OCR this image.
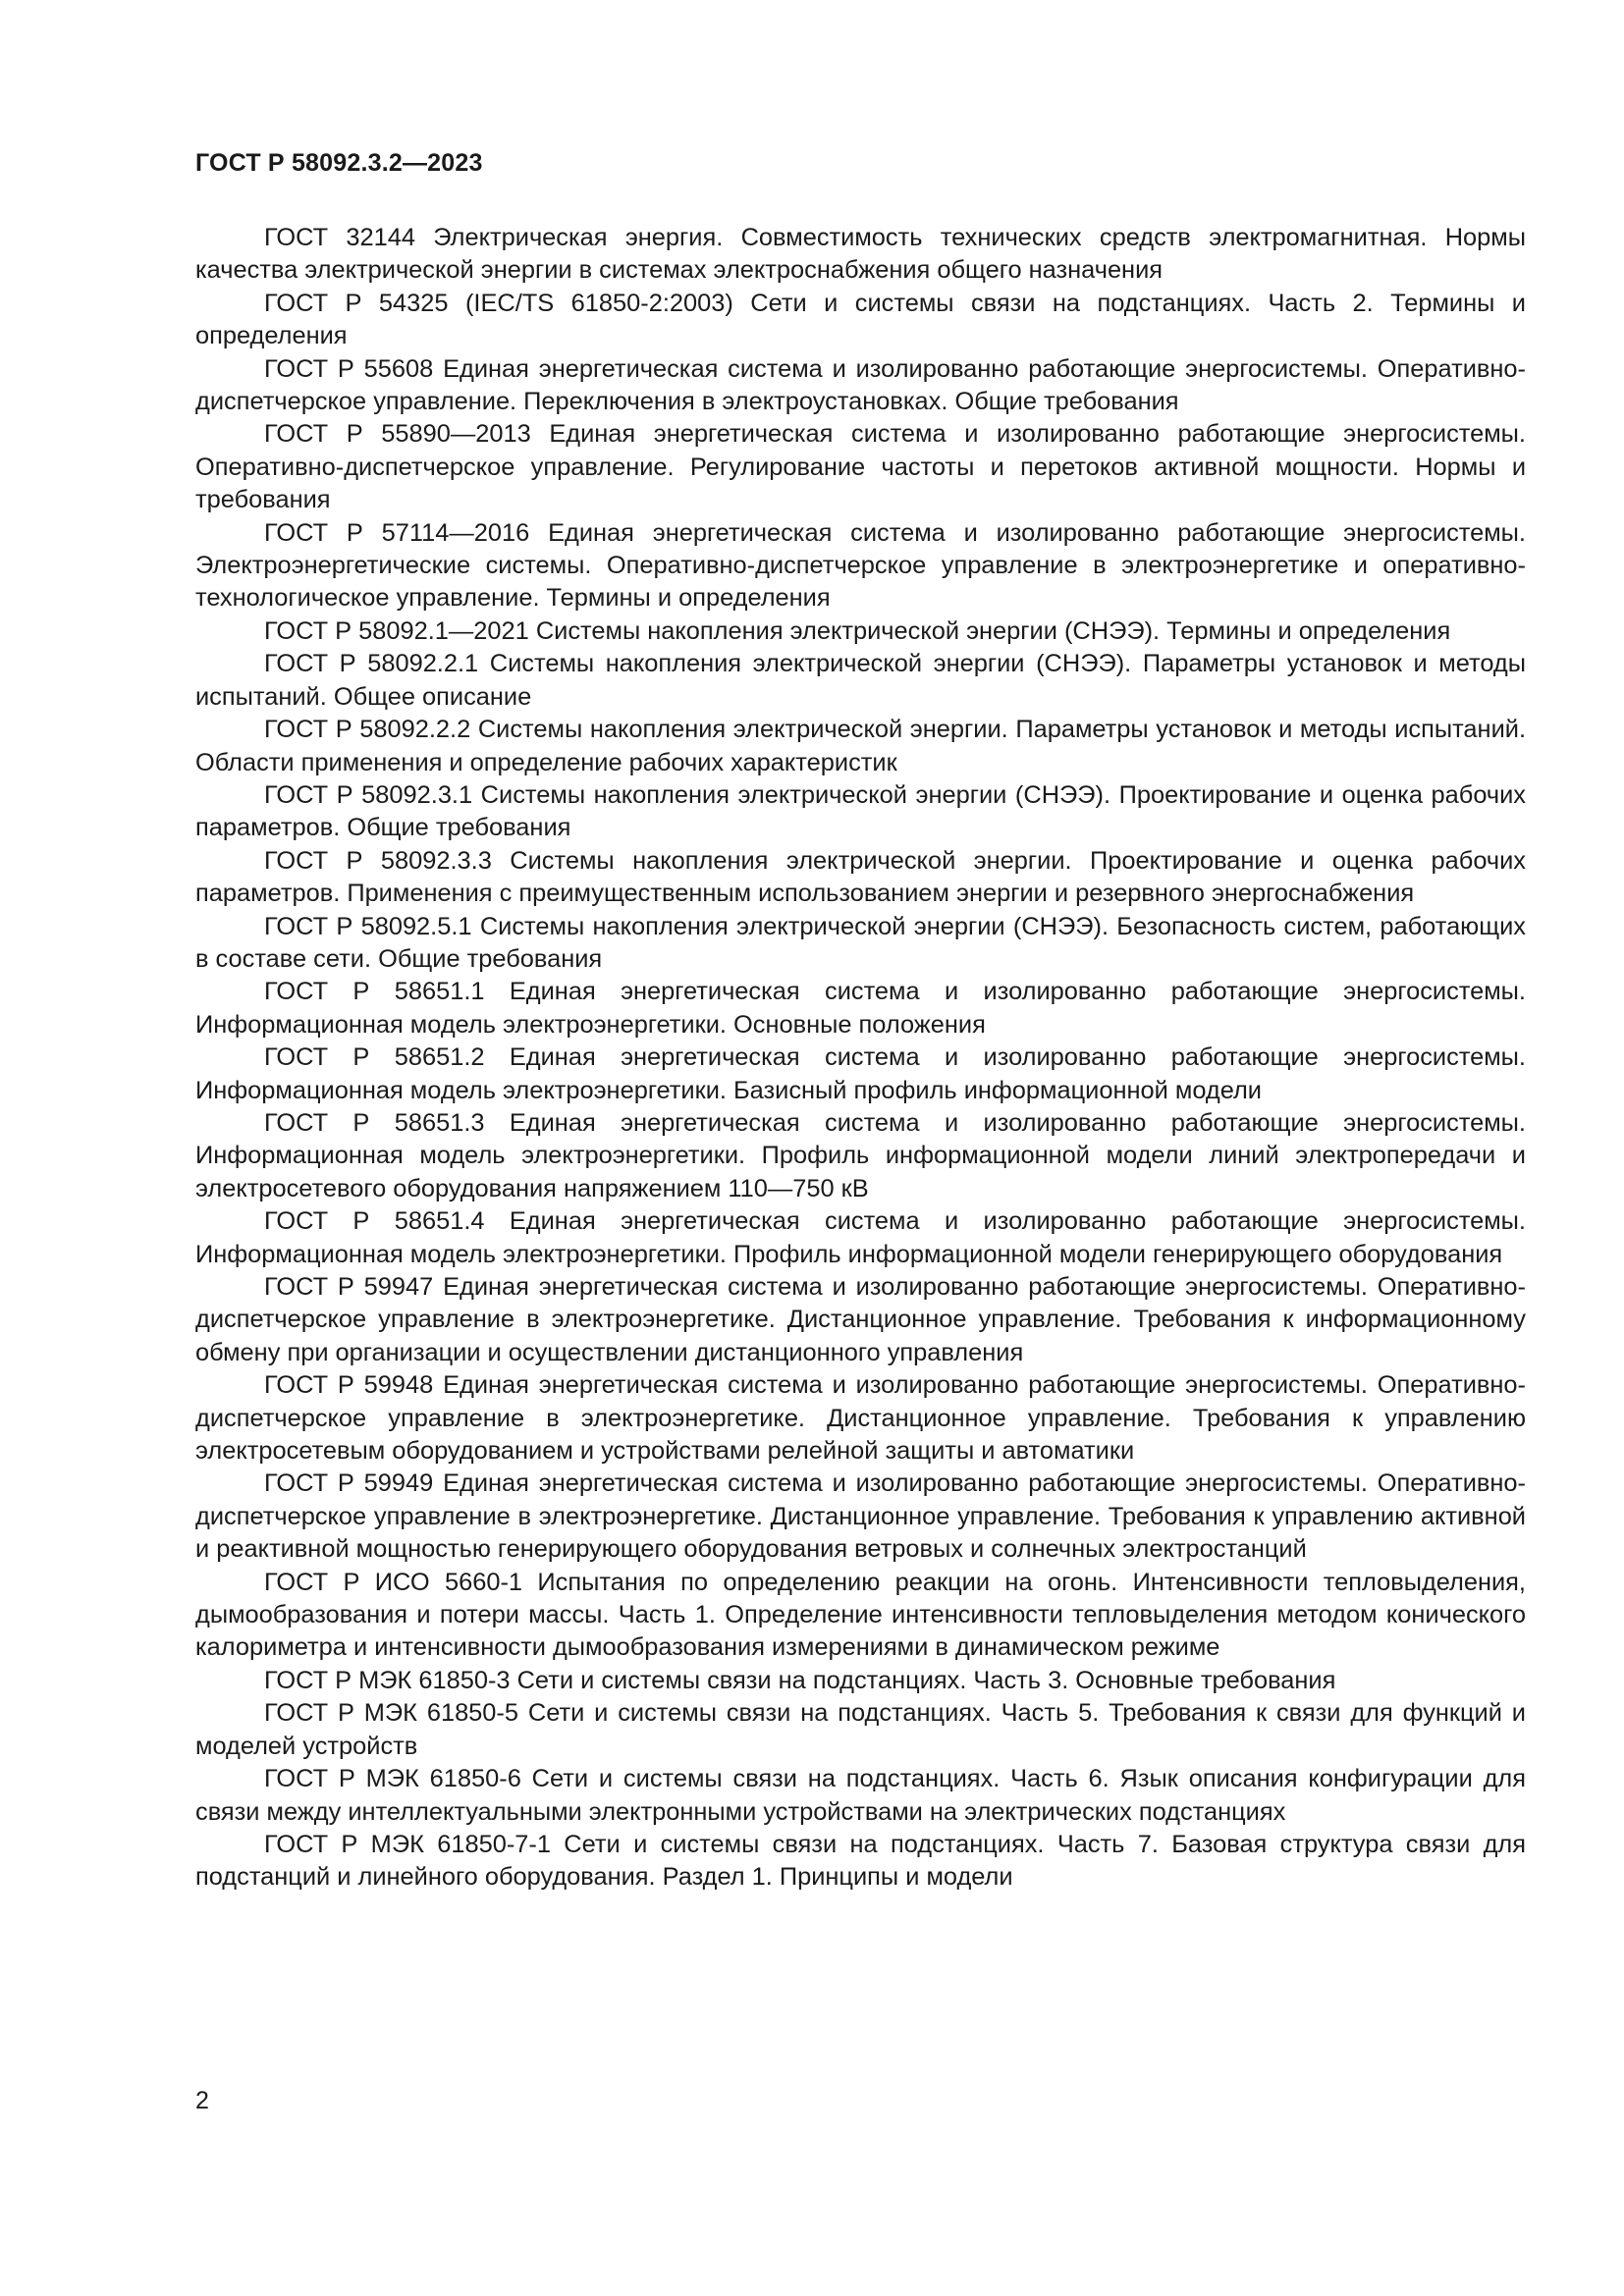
ГОСТ Р 58092.3.2—2023
ГОСТ 32144 Электрическая энергия. Совместимость технических средств электромагнитная. Нормы качества электрической энергии в системах электроснабжения общего назначения
ГОСТ Р 54325 (IEC/TS 61850-2:2003) Сети и системы связи на подстанциях. Часть 2. Термины и определения
ГОСТ Р 55608 Единая энергетическая система и изолированно работающие энергосистемы. Оперативно-диспетчерское управление. Переключения в электроустановках. Общие требования
ГОСТ Р 55890—2013 Единая энергетическая система и изолированно работающие энергосистемы. Оперативно-диспетчерское управление. Регулирование частоты и перетоков активной мощности. Нормы и требования
ГОСТ Р 57114—2016 Единая энергетическая система и изолированно работающие энергосистемы. Электроэнергетические системы. Оперативно-диспетчерское управление в электроэнергетике и оперативно-технологическое управление. Термины и определения
ГОСТ Р 58092.1—2021 Системы накопления электрической энергии (СНЭЭ). Термины и определения
ГОСТ Р 58092.2.1 Системы накопления электрической энергии (СНЭЭ). Параметры установок и методы испытаний. Общее описание
ГОСТ Р 58092.2.2 Системы накопления электрической энергии. Параметры установок и методы испытаний. Области применения и определение рабочих характеристик
ГОСТ Р 58092.3.1 Системы накопления электрической энергии (СНЭЭ). Проектирование и оценка рабочих параметров. Общие требования
ГОСТ Р 58092.3.3 Системы накопления электрической энергии. Проектирование и оценка рабочих параметров. Применения с преимущественным использованием энергии и резервного энергоснабжения
ГОСТ Р 58092.5.1 Системы накопления электрической энергии (СНЭЭ). Безопасность систем, работающих в составе сети. Общие требования
ГОСТ Р 58651.1 Единая энергетическая система и изолированно работающие энергосистемы. Информационная модель электроэнергетики. Основные положения
ГОСТ Р 58651.2 Единая энергетическая система и изолированно работающие энергосистемы. Информационная модель электроэнергетики. Базисный профиль информационной модели
ГОСТ Р 58651.3 Единая энергетическая система и изолированно работающие энергосистемы. Информационная модель электроэнергетики. Профиль информационной модели линий электропередачи и электросетевого оборудования напряжением 110—750 кВ
ГОСТ Р 58651.4 Единая энергетическая система и изолированно работающие энергосистемы. Информационная модель электроэнергетики. Профиль информационной модели генерирующего оборудования
ГОСТ Р 59947 Единая энергетическая система и изолированно работающие энергосистемы. Оперативно-диспетчерское управление в электроэнергетике. Дистанционное управление. Требования к информационному обмену при организации и осуществлении дистанционного управления
ГОСТ Р 59948 Единая энергетическая система и изолированно работающие энергосистемы. Оперативно-диспетчерское управление в электроэнергетике. Дистанционное управление. Требования к управлению электросетевым оборудованием и устройствами релейной защиты и автоматики
ГОСТ Р 59949 Единая энергетическая система и изолированно работающие энергосистемы. Оперативно-диспетчерское управление в электроэнергетике. Дистанционное управление. Требования к управлению активной и реактивной мощностью генерирующего оборудования ветровых и солнечных электростанций
ГОСТ Р ИСО 5660-1 Испытания по определению реакции на огонь. Интенсивности тепловыделения, дымообразования и потери массы. Часть 1. Определение интенсивности тепловыделения методом конического калориметра и интенсивности дымообразования измерениями в динамическом режиме
ГОСТ Р МЭК 61850-3 Сети и системы связи на подстанциях. Часть 3. Основные требования
ГОСТ Р МЭК 61850-5 Сети и системы связи на подстанциях. Часть 5. Требования к связи для функций и моделей устройств
ГОСТ Р МЭК 61850-6 Сети и системы связи на подстанциях. Часть 6. Язык описания конфигурации для связи между интеллектуальными электронными устройствами на электрических подстанциях
ГОСТ Р МЭК 61850-7-1 Сети и системы связи на подстанциях. Часть 7. Базовая структура связи для подстанций и линейного оборудования. Раздел 1. Принципы и модели
2
